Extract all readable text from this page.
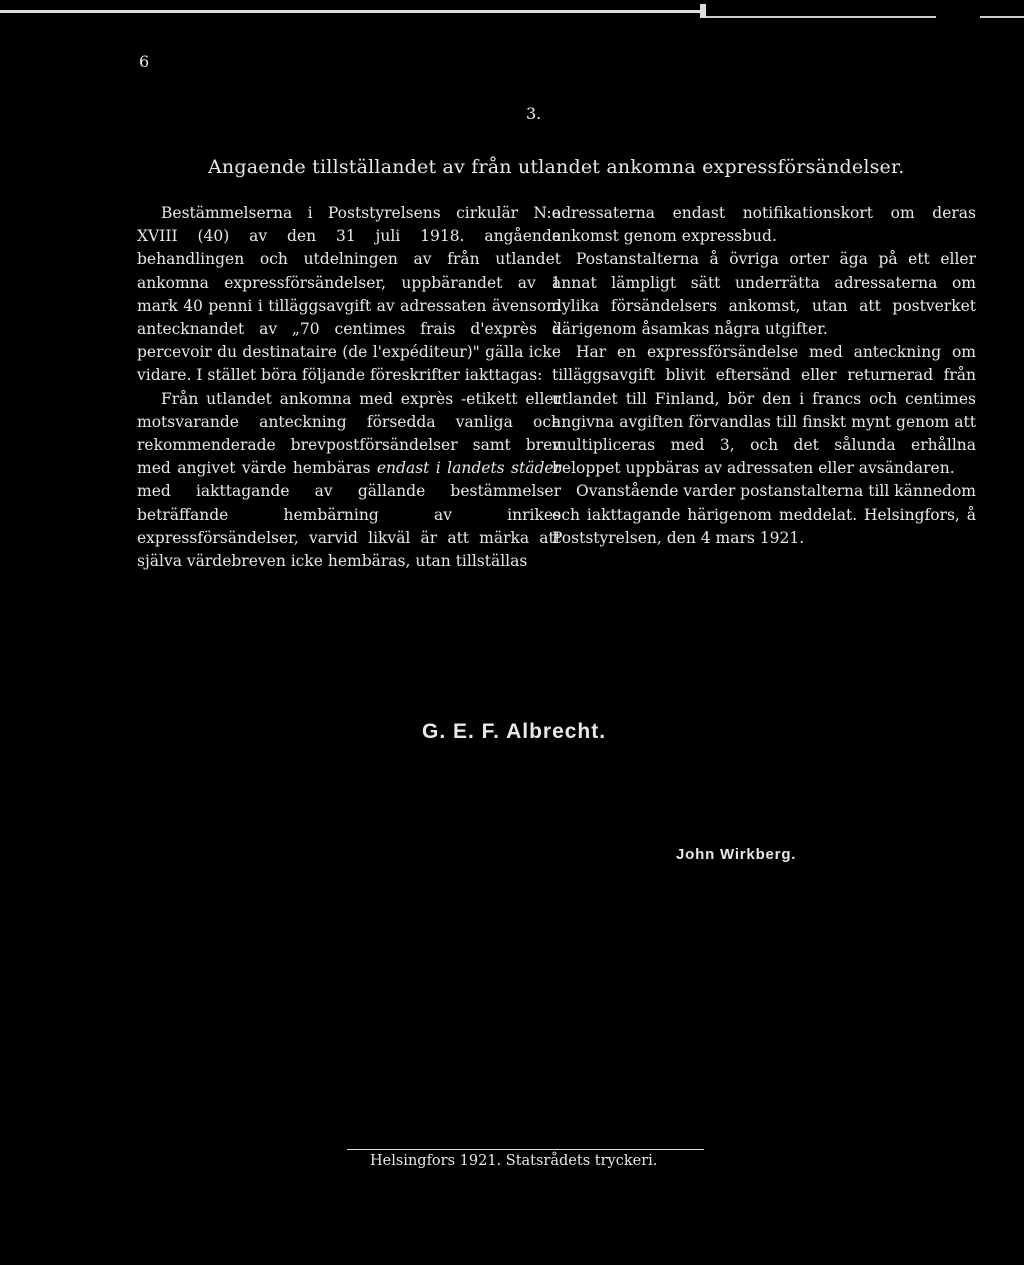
6
3.
Angaende tillställandet av från utlandet ankomna expressförsändelser.

Bestämmelserna i Poststyrelsens cirkulär N:o XVIII (40) av den 31 juli 1918. angående behandlingen och utdelningen av från utlandet ankomna expressförsändelser, uppbärandet av 1 mark 40 penni i tilläggsavgift av adressaten ävensom antecknandet av „70 centimes frais d'exprès à percevoir du destinataire (de l'expéditeur)" gälla icke vidare. I stället böra följande föreskrifter iakttagas:

Från utlandet ankomna med exprès -etikett eller motsvarande anteckning försedda vanliga och rekommenderade brevpostförsändelser samt brev med angivet värde hembäras endast i landets städer med iakttagande av gällande bestämmelser beträffande hembärning av inrikes expressförsändelser, varvid likväl är att märka att själva värdebreven icke hembäras, utan tillställas

adressaterna endast notifikationskort om deras ankomst genom expressbud.

Postanstalterna å övriga orter äga på ett eller annat lämpligt sätt underrätta adressaterna om dylika försändelsers ankomst, utan att postverket därigenom åsamkas några utgifter.

Har en expressförsändelse med anteckning om tilläggsavgift blivit eftersänd eller returnerad från utlandet till Finland, bör den i francs och centimes angivna avgiften förvandlas till finskt mynt genom att multipliceras med 3, och det sålunda erhållna beloppet uppbäras av adressaten eller avsändaren.

Ovanstående varder postanstalterna till kännedom och iakttagande härigenom meddelat. Helsingfors, å Poststyrelsen, den 4 mars 1921.

G. E. F. Albrecht.
John Wirkberg.
Helsingfors 1921. Statsrådets tryckeri.
